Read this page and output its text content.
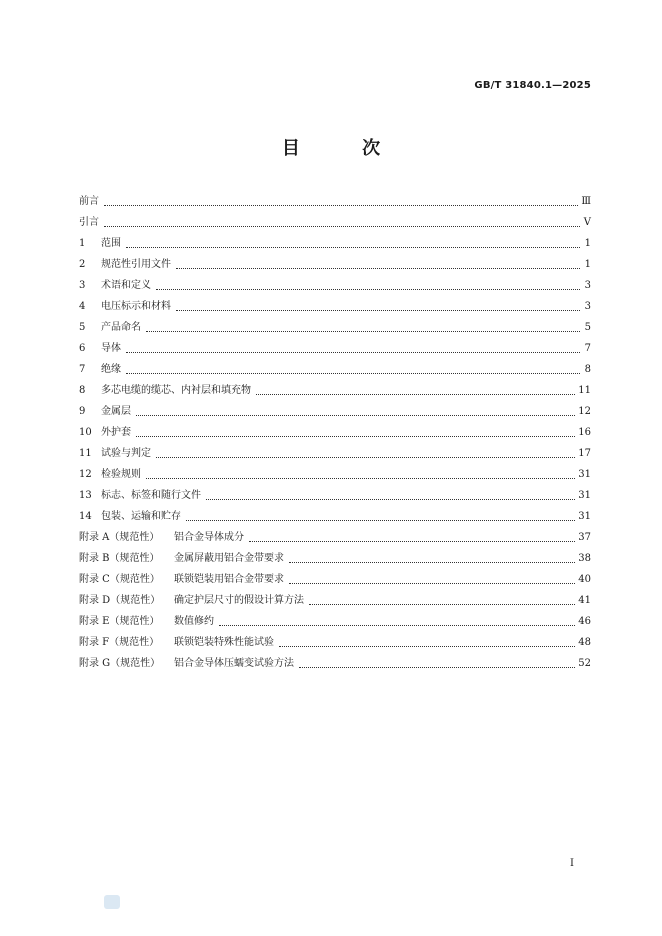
GB/T 31840.1—2025
目 次
前言	Ⅲ
引言	Ⅴ
1	范围	1
2	规范性引用文件	1
3	术语和定义	3
4	电压标示和材料	3
5	产品命名	5
6	导体	7
7	绝缘	8
8	多芯电缆的缆芯、内衬层和填充物	11
9	金属层	12
10 外护套	16
11 试验与判定	17
12 检验规则	31
13 标志、标签和随行文件	31
14 包装、运输和贮存	31
附录 A（规范性）	铝合金导体成分	37
附录 B（规范性）	金属屏蔽用铝合金带要求	38
附录 C（规范性）	联锁铠装用铝合金带要求	40
附录 D（规范性）	确定护层尺寸的假设计算方法	41
附录 E（规范性）	数值修约	46
附录 F（规范性）	联锁铠装特殊性能试验	48
附录 G（规范性）	铝合金导体压蠕变试验方法	52
I
